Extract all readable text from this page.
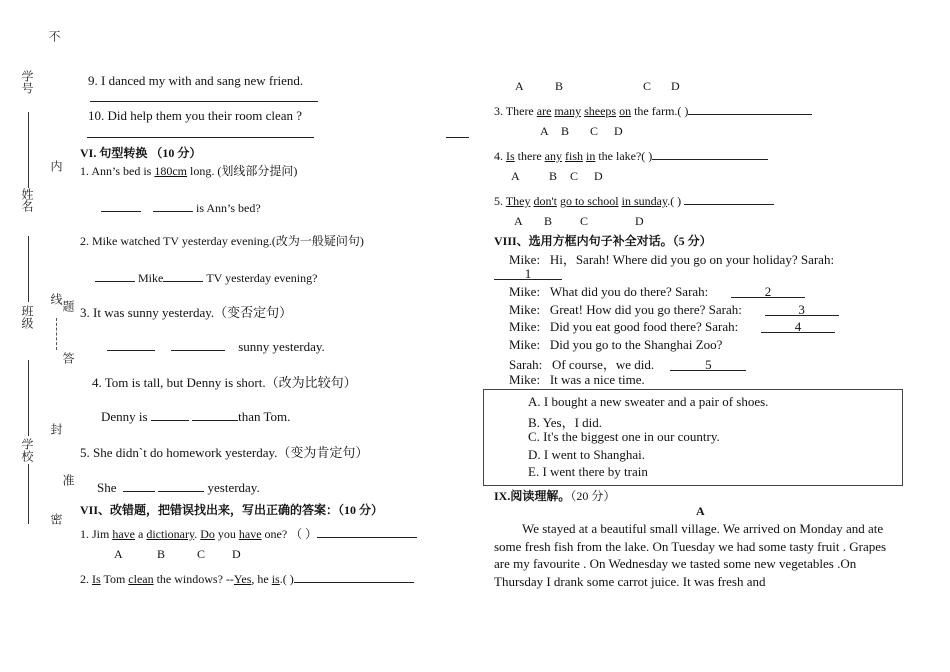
不
学号
内
姓名
线
题
答
班级
封
学校
准
密
9. I danced my with and sang new friend.
10. Did help them you their room clean ?
VI. 句型转换 （10 分）
1. Ann’s bed is 180cm long. (划线部分提问)
is Ann’s bed?
2. Mike watched TV yesterday evening.(改为一般疑问句)
Mike	TV yesterday evening?
3. It was sunny yesterday.（变否定句）
sunny yesterday.
4. Tom is tall, but Denny is short.（改为比较句）
Denny is	than Tom.
5. She didn`t do homework yesterday.（变为肯定句）
She	yesterday.
VII、改错题，把错误找出来，写出正确的答案：（10 分）
1. Jim have a dictionary. Do you have one? （ ）
A	B	C D
2. Is Tom clean the windows? --Yes, he is.( )
A	B	C D
3. There are many sheeps on the farm.( )
A B C D
4. Is there any fish in the lake?( )
A B C D
5. They don't go to school in sunday.( )
A B C	D
VIII、选用方框内句子补全对话。（5 分）
Mike: Hi，Sarah! Where did you go on your holiday? Sarah:
1
Mike: What did you do there? Sarah:	2
Mike: Great! How did you go there? Sarah:	3
Mike: Did you eat good food there? Sarah:	4
Mike: Did you go to the Shanghai Zoo?
Sarah: Of course，we did.	5
Mike: It was a nice time.
A. I bought a new sweater and a pair of shoes.
B. Yes，I did.
C. It's the biggest one in our country.
D. I went to Shanghai.
E. I went there by train
IX.阅读理解。（20 分）
A
We stayed at a beautiful small village. We arrived on Monday and ate some fresh fish from the lake. On Tuesday we had some tasty fruit . Grapes are my favourite . On Wednesday we tasted some new vegetables .On Thursday I drank some carrot juice. It was fresh and
